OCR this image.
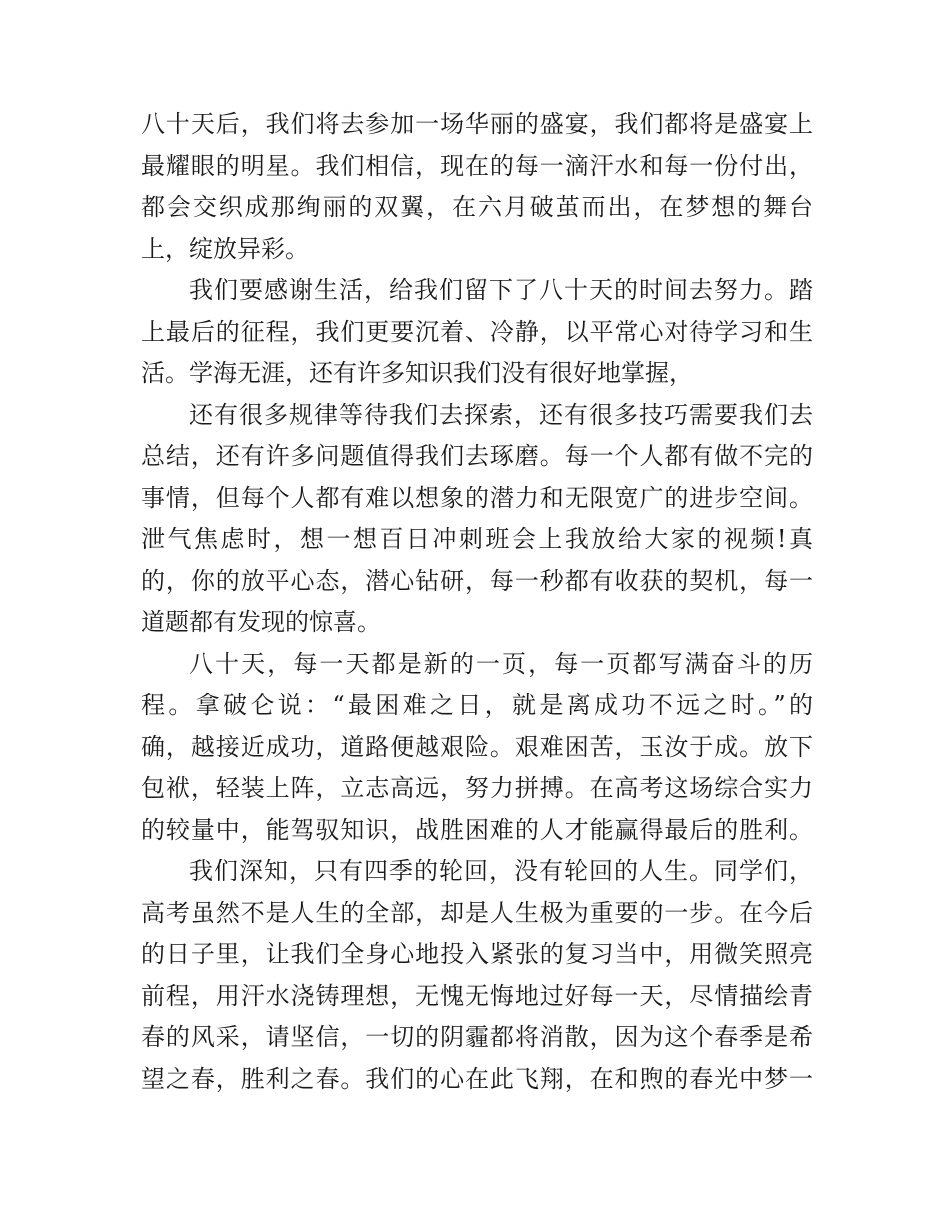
八十天后，我们将去参加一场华丽的盛宴，我们都将是盛宴上
最耀眼的明星。我们相信，现在的每一滴汗水和每一份付出，
都会交织成那绚丽的双翼，在六月破茧而出，在梦想的舞台
上，绽放异彩。
我们要感谢生活，给我们留下了八十天的时间去努力。踏
上最后的征程，我们更要沉着、冷静，以平常心对待学习和生
活。学海无涯，还有许多知识我们没有很好地掌握，
还有很多规律等待我们去探索，还有很多技巧需要我们去
总结，还有许多问题值得我们去琢磨。每一个人都有做不完的
事情，但每个人都有难以想象的潜力和无限宽广的进步空间。
泄气焦虑时，想一想百日冲刺班会上我放给大家的视频!真
的，你的放平心态，潜心钻研，每一秒都有收获的契机，每一
道题都有发现的惊喜。
八十天，每一天都是新的一页，每一页都写满奋斗的历
程。拿破仑说：“最困难之日，就是离成功不远之时。”的
确，越接近成功，道路便越艰险。艰难困苦，玉汝于成。放下
包袱，轻装上阵，立志高远，努力拼搏。在高考这场综合实力
的较量中，能驾驭知识，战胜困难的人才能赢得最后的胜利。
我们深知，只有四季的轮回，没有轮回的人生。同学们，
高考虽然不是人生的全部，却是人生极为重要的一步。在今后
的日子里，让我们全身心地投入紧张的复习当中，用微笑照亮
前程，用汗水浇铸理想，无愧无悔地过好每一天，尽情描绘青
春的风采，请坚信，一切的阴霾都将消散，因为这个春季是希
望之春，胜利之春。我们的心在此飞翔，在和煦的春光中梦一
